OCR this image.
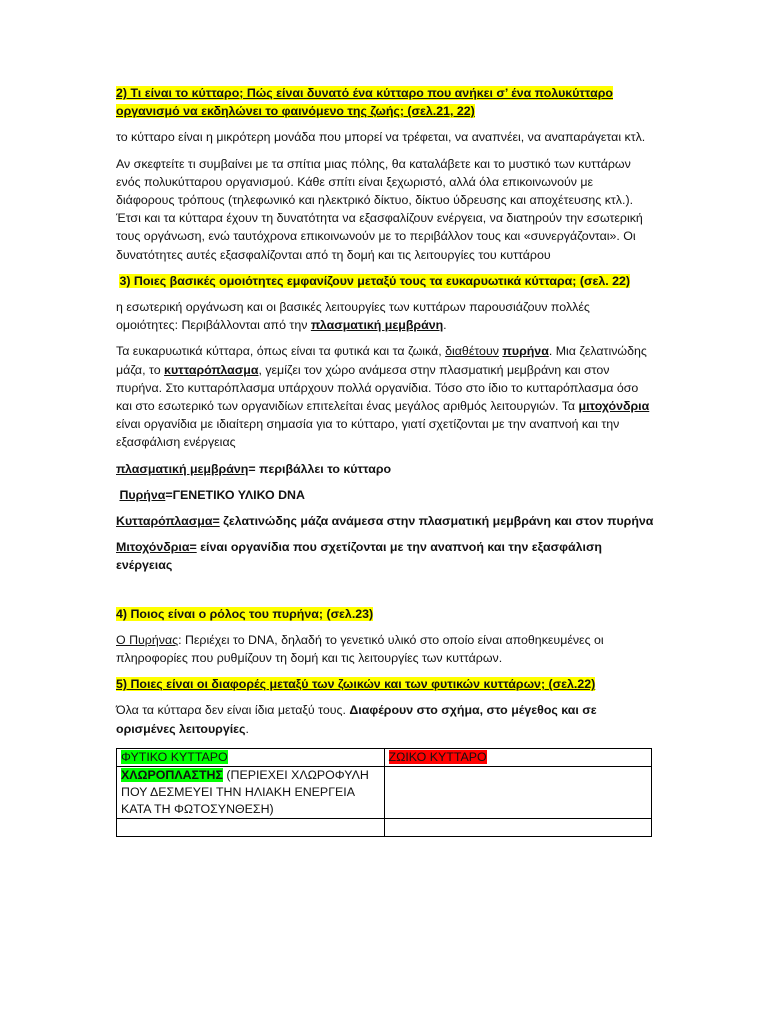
2) Τι είναι το κύτταρο; Πώς είναι δυνατό ένα κύτταρο που ανήκει σ’ ένα πολυκύτταρο οργανισμό να εκδηλώνει το φαινόμενο της ζωής; (σελ.21, 22)

το κύτταρο είναι η μικρότερη μονάδα που μπορεί να τρέφεται, να αναπνέει, να αναπαράγεται κτλ.

Αν σκεφτείτε τι συμβαίνει με τα σπίτια μιας πόλης, θα καταλάβετε και το μυστικό των κυττάρων ενός πολυκύτταρου οργανισμού. Κάθε σπίτι είναι ξεχωριστό, αλλά όλα επικοινωνούν με διάφορους τρόπους (τηλεφωνικό και ηλεκτρικό δίκτυο, δίκτυο ύδρευσης και αποχέτευσης κτλ.). Έτσι και τα κύτταρα έχουν τη δυνατότητα να εξασφαλίζουν ενέργεια, να διατηρούν την εσωτερική τους οργάνωση, ενώ ταυτόχρονα επικοινωνούν με το περιβάλλον τους και «συνεργάζονται». Οι δυνατότητες αυτές εξασφαλίζονται από τη δομή και τις λειτουργίες του κυττάρου

3) Ποιες βασικές ομοιότητες εμφανίζουν μεταξύ τους τα ευκαρυωτικά κύτταρα; (σελ. 22)

η εσωτερική οργάνωση και οι βασικές λειτουργίες των κυττάρων παρουσιάζουν πολλές ομοιότητες: Περιβάλλονται από την πλασματική μεμβράνη.

Τα ευκαρυωτικά κύτταρα, όπως είναι τα φυτικά και τα ζωικά, διαθέτουν πυρήνα. Μια ζελατινώδης μάζα, το κυτταρόπλασμα, γεμίζει τον χώρο ανάμεσα στην πλασματική μεμβράνη και στον πυρήνα. Στο κυτταρόπλασμα υπάρχουν πολλά οργανίδια. Τόσο στο ίδιο το κυτταρόπλασμα όσο και στο εσωτερικό των οργανιδίων επιτελείται ένας μεγάλος αριθμός λειτουργιών. Τα μιτοχόνδρια είναι οργανίδια με ιδιαίτερη σημασία για το κύτταρο, γιατί σχετίζονται με την αναπνοή και την εξασφάλιση ενέργειας

πλασματική μεμβράνη= περιβάλλει το κύτταρο

Πυρήνα=ΓΕΝΕΤΙΚΟ ΥΛΙΚΟ DNA

Κυτταρόπλασμα= ζελατινώδης μάζα ανάμεσα στην πλασματική μεμβράνη και στον πυρήνα

Μιτοχόνδρια= είναι οργανίδια που σχετίζονται με την αναπνοή και την εξασφάλιση ενέργειας

4) Ποιος είναι ο ρόλος του πυρήνα; (σελ.23)

Ο Πυρήνας: Περιέχει το DNA, δηλαδή το γενετικό υλικό στο οποίο είναι αποθηκευμένες οι πληροφορίες που ρυθμίζουν τη δομή και τις λειτουργίες των κυττάρων.

5) Ποιες είναι οι διαφορές μεταξύ των ζωικών και των φυτικών κυττάρων; (σελ.22)

Όλα τα κύτταρα δεν είναι ίδια μεταξύ τους. Διαφέρουν στο σχήμα, στο μέγεθος και σε ορισμένες λειτουργίες.

ΦΥΤΙΚΟ ΚΥΤΤΑΡΟ	ΖΩΙΚΟ ΚΥΤΤΑΡΟ
ΧΛΩΡΟΠΛΑΣΤΗΣ (ΠΕΡΙΕΧΕΙ ΧΛΩΡΟΦΥΛΗ ΠΟΥ ΔΕΣΜΕΥΕΙ ΤΗΝ ΗΛΙΑΚΗ ΕΝΕΡΓΕΙΑ ΚΑΤΑ ΤΗ ΦΩΤΟΣΥΝΘΕΣΗ)	
